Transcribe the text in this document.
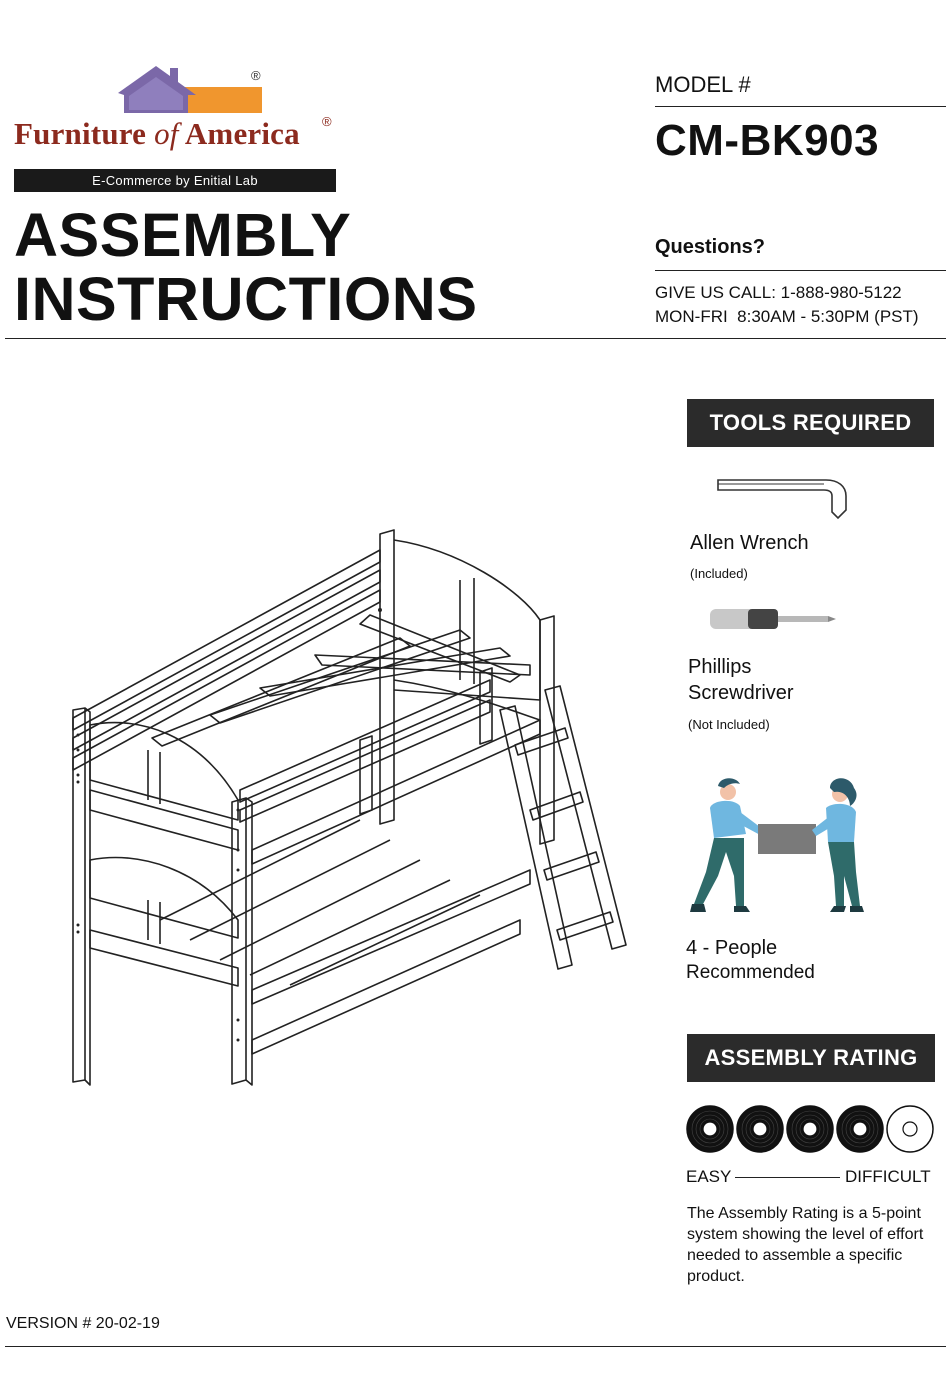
®
Furniture of America ®
E-Commerce by Enitial Lab
ASSEMBLY
INSTRUCTIONS
MODEL #
CM-BK903
Questions?
GIVE US CALL: 1-888-980-5122
MON-FRI  8:30AM - 5:30PM (PST)
TOOLS REQUIRED
Allen Wrench
(Included)
Phillips
Screwdriver
(Not Included)
4 - People
Recommended
ASSEMBLY RATING
EASY	DIFFICULT
The Assembly Rating is a 5-point system showing the level of effort needed to assemble a specific product.
VERSION # 20-02-19
